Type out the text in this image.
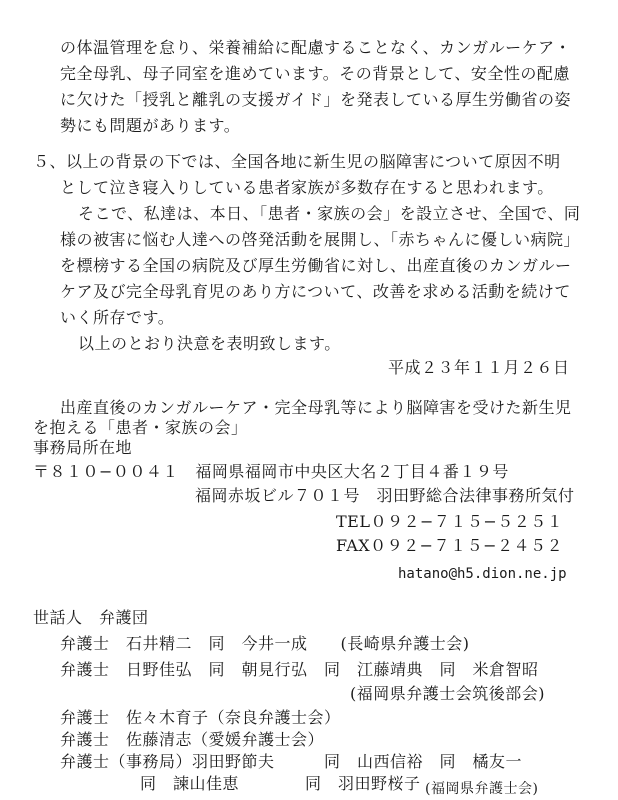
の体温管理を怠り、栄養補給に配慮することなく、カンガルーケア・
完全母乳、母子同室を進めています。その背景として、安全性の配慮
に欠けた「授乳と離乳の支援ガイド」を発表している厚生労働省の姿
勢にも問題があります。
５、以上の背景の下では、全国各地に新生児の脳障害について原因不明
として泣き寝入りしている患者家族が多数存在すると思われます。
そこで、私達は、本日、「患者・家族の会」を設立させ、全国で、同
様の被害に悩む人達への啓発活動を展開し、「赤ちゃんに優しい病院」
を標榜する全国の病院及び厚生労働省に対し、出産直後のカンガルー
ケア及び完全母乳育児のあり方について、改善を求める活動を続けて
いく所存です。
以上のとおり決意を表明致します。
平成２３年１１月２６日
出産直後のカンガルーケア・完全母乳等により脳障害を受けた新生児
を抱える「患者・家族の会」
事務局所在地
〒８１０−００４１　福岡県福岡市中央区大名２丁目４番１９号
福岡赤坂ビル７０１号　羽田野総合法律事務所気付
TEL０９２−７１５−５２５１
FAX０９２−７１５−２４５２
hatano@h5.dion.ne.jp
世話人　弁護団
弁護士　石井精二　同　今井一成　　(長崎県弁護士会)
弁護士　日野佳弘　同　朝見行弘　同　江藤靖典　同　米倉智昭
(福岡県弁護士会筑後部会)
弁護士　佐々木育子（奈良弁護士会）
弁護士　佐藤清志（愛媛弁護士会）
弁護士（事務局）羽田野節夫　　　同　山西信裕　同　橘友一
同　諫山佳恵　　　　同　羽田野桜子 (福岡県弁護士会)
